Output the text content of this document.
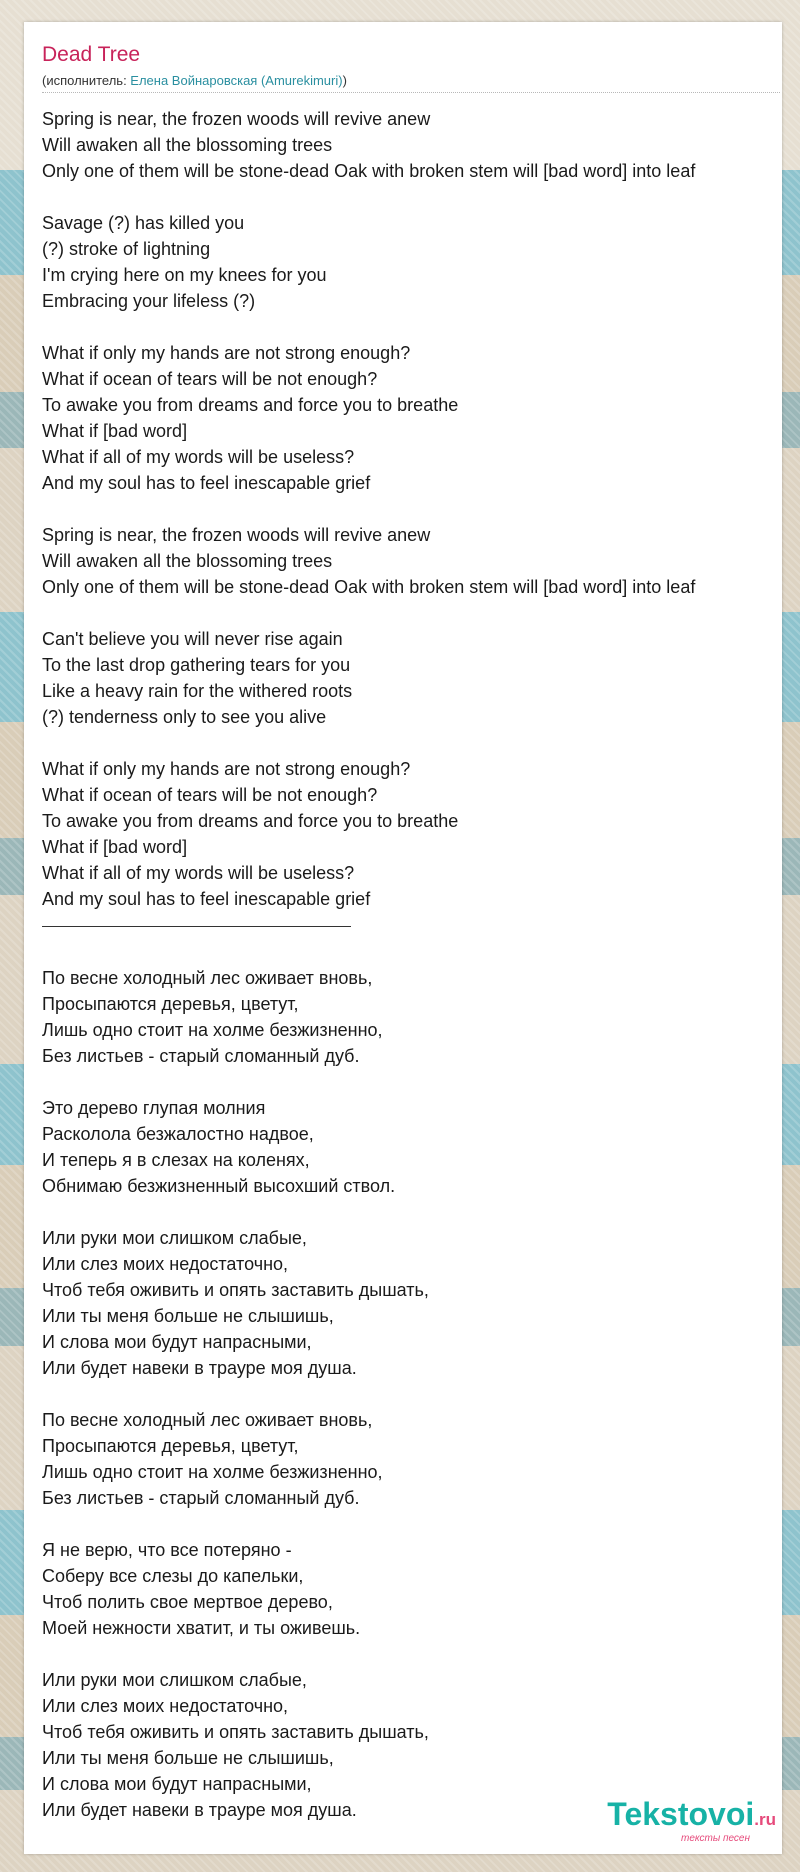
Dead Tree
(исполнитель: Елена Войнаровская (Amurekimuri))
Spring is near, the frozen woods will revive anew
Will awaken all the blossoming trees
Only one of them will be stone-dead Oak with broken stem will [bad word] into leaf
Savage (?) has killed you
(?) stroke of lightning
I'm crying here on my knees for you
Embracing your lifeless (?)
What if only my hands are not strong enough?
What if ocean of tears will be not enough?
To awake you from dreams and force you to breathe
What if [bad word]
What if all of my words will be useless?
And my soul has to feel inescapable grief
Spring is near, the frozen woods will revive anew
Will awaken all the blossoming trees
Only one of them will be stone-dead Oak with broken stem will [bad word] into leaf
Can't believe you will never rise again
To the last drop gathering tears for you
Like a heavy rain for the withered roots
(?) tenderness only to see you alive
What if only my hands are not strong enough?
What if ocean of tears will be not enough?
To awake you from dreams and force you to breathe
What if [bad word]
What if all of my words will be useless?
And my soul has to feel inescapable grief
По весне холодный лес оживает вновь,
Просыпаются деревья, цветут,
Лишь одно стоит на холме безжизненно,
Без листьев - старый сломанный дуб.
Это дерево глупая молния
Расколола безжалостно надвое,
И теперь я в слезах на коленях,
Обнимаю безжизненный высохший ствол.
Или руки мои слишком слабые,
Или слез моих недостаточно,
Чтоб тебя оживить и опять заставить дышать,
Или ты меня больше не слышишь,
И слова мои будут напрасными,
Или будет навеки в трауре моя душа.
По весне холодный лес оживает вновь,
Просыпаются деревья, цветут,
Лишь одно стоит на холме безжизненно,
Без листьев - старый сломанный дуб.
Я не верю, что все потеряно -
Соберу все слезы до капельки,
Чтоб полить свое мертвое дерево,
Моей нежности хватит, и ты оживешь.
Или руки мои слишком слабые,
Или слез моих недостаточно,
Чтоб тебя оживить и опять заставить дышать,
Или ты меня больше не слышишь,
И слова мои будут напрасными,
Или будет навеки в трауре моя душа.	Tekstovoi.ru
тексты песен
